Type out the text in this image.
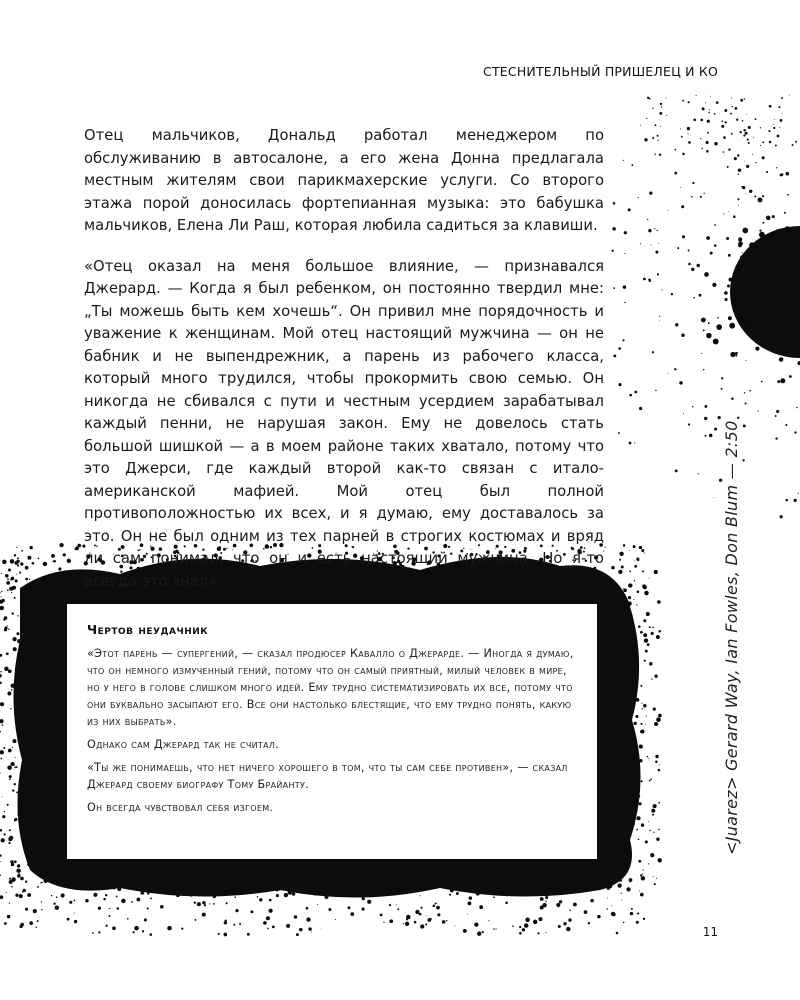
СТЕСНИТЕЛЬНЫЙ ПРИШЕЛЕЦ И КО

Отец мальчиков, Дональд работал менеджером по обслуживанию в автосалоне, а его жена Донна предлагала местным жителям свои парикмахерские услуги. Со второго этажа порой доносилась фортепианная музыка: это бабушка мальчиков, Елена Ли Раш, которая любила садиться за клавиши.

«Отец оказал на меня большое влияние, — признавался Джерард. — Когда я был ребенком, он постоянно твердил мне: „Ты можешь быть кем хочешь“. Он привил мне порядочность и уважение к женщинам. Мой отец настоящий мужчина — он не бабник и не выпендрежник, а парень из рабочего класса, который много трудился, чтобы прокормить свою семью. Он никогда не сбивался с пути и честным усердием зарабатывал каждый пенни, не нарушая закон. Ему не довелось стать большой шишкой — а в моем районе таких хватало, потому что это Джерси, где каждый второй как-то связан с итало-американской мафией. Мой отец был полной противоположностью их всех, и я думаю, ему доставалось за это. Он не был одним из тех парней в строгих костюмах и вряд ли сам понимал, что он и есть настоящий мужчина. Но я-то всегда это знал».

Чертов неудачник

«Этот парень — супергений, — сказал продюсер Кавалло о Джерарде. — Иногда я думаю, что он немного измученный гений, потому что он самый приятный, милый человек в мире, но у него в голове слишком много идей. Ему трудно систематизировать их все, потому что они буквально засыпают его. Все они настолько блестящие, что ему трудно понять, какую из них выбрать».

Однако сам Джерард так не считал.

«Ты же понимаешь, что нет ничего хорошего в том, что ты сам себе противен», — сказал Джерард своему биографу Тому Брайанту.

Он всегда чувствовал себя изгоем.	<Juarez> Gerard Way, Ian Fowles, Don Blum — 2:50
11
